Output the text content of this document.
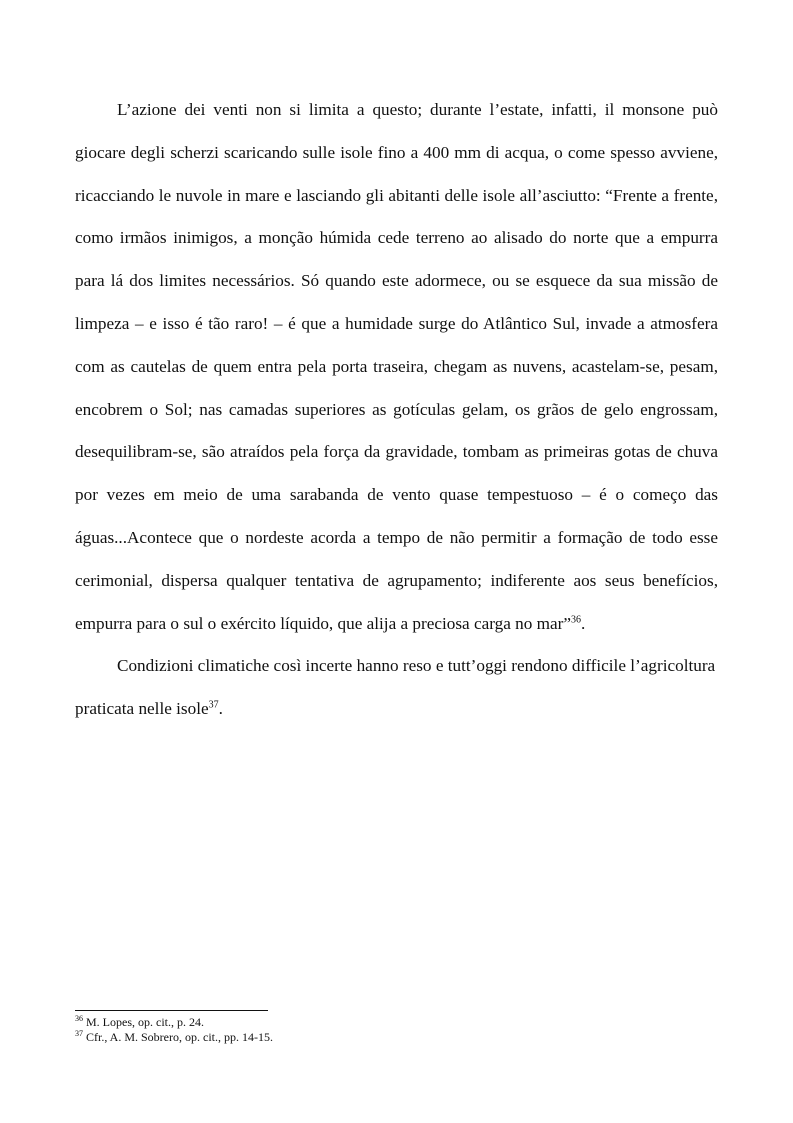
L’azione dei venti non si limita a questo; durante l’estate, infatti, il monsone può giocare degli scherzi scaricando sulle isole fino a 400 mm di acqua, o come spesso avviene, ricacciando le nuvole in mare e lasciando gli abitanti delle isole all’asciutto: “Frente a frente, como irmãos inimigos, a monção húmida cede terreno ao alisado do norte que a empurra para lá dos limites necessários. Só quando este adormece, ou se esquece da sua missão de limpeza – e isso é tão raro! – é que a humidade surge do Atlântico Sul, invade a atmosfera com as cautelas de quem entra pela porta traseira, chegam as nuvens, acastelam-se, pesam, encobrem o Sol; nas camadas superiores as gotículas gelam, os grãos de gelo engrossam, desequilibram-se, são atraídos pela força da gravidade, tombam as primeiras gotas de chuva por vezes em meio de uma sarabanda de vento quase tempestuoso – é o começo das águas...Acontece que o nordeste acorda a tempo de não permitir a formação de todo esse cerimonial, dispersa qualquer tentativa de agrupamento; indiferente aos seus benefícios, empurra para o sul o exército líquido, que alija a preciosa carga no mar”$^{36}$.

Condizioni climatiche così incerte hanno reso e tutt’oggi rendono difficile l’agricoltura praticata nelle isole$^{37}$.

$^{36}$ M. Lopes, op. cit., p. 24.

$^{37}$ Cfr., A. M. Sobrero, op. cit., pp. 14-15.
